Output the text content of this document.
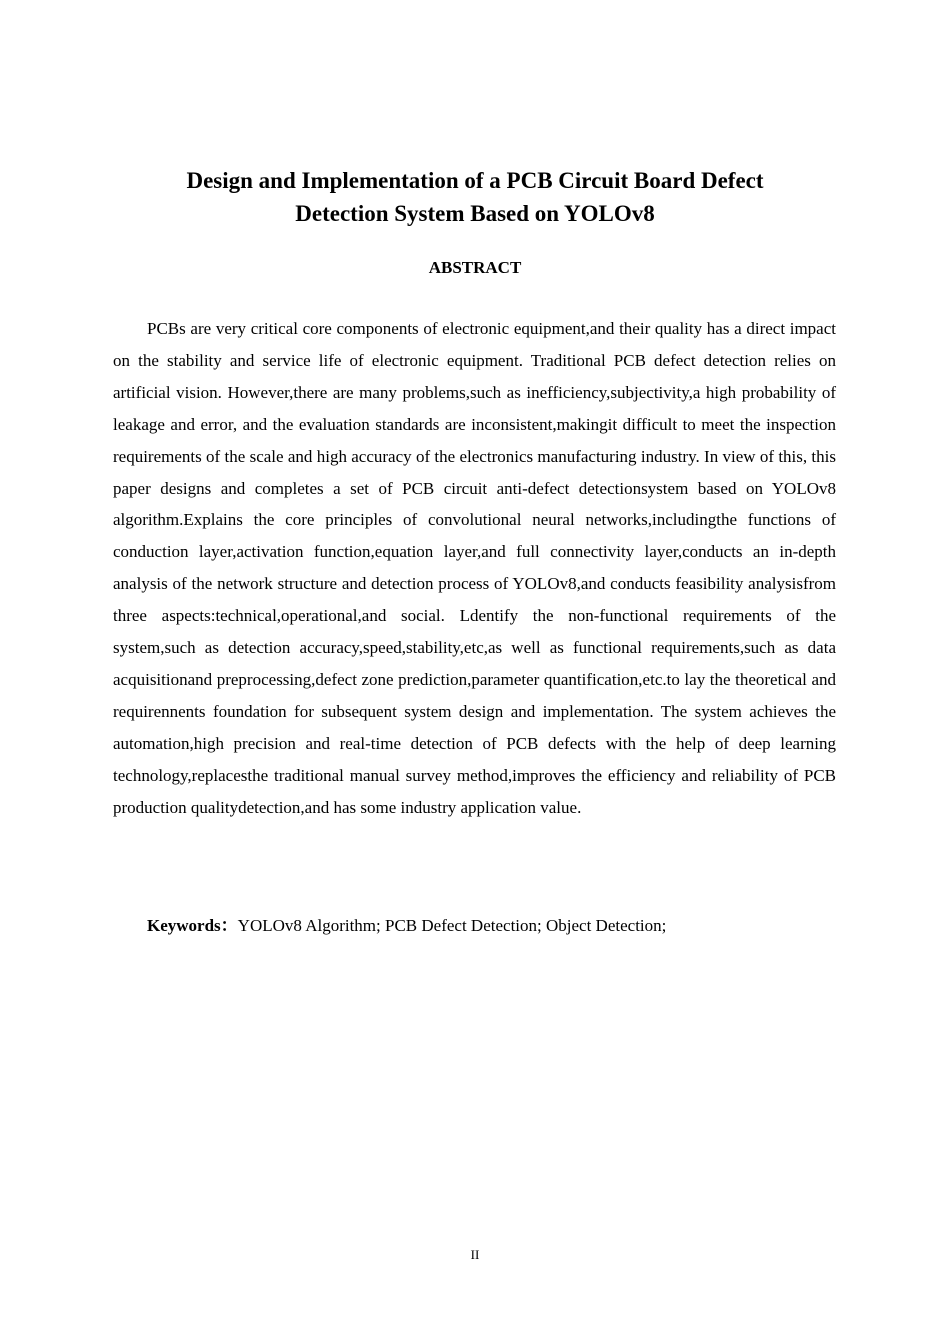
Design and Implementation of a PCB Circuit Board Defect
Detection System Based on YOLOv8
ABSTRACT

PCBs are very critical core components of electronic equipment,and their quality has a direct impact on the stability and service life of electronic equipment. Traditional PCB defect detection relies on artificial vision. However,there are many problems,such as inefficiency,subjectivity,a high probability of leakage and error, and the evaluation standards are inconsistent,makingit difficult to meet the inspection requirements of the scale and high accuracy of the electronics manufacturing industry. In view of this, this paper designs and completes a set of PCB circuit anti-defect detectionsystem based on YOLOv8 algorithm.Explains the core principles of convolutional neural networks,includingthe functions of conduction layer,activation function,equation layer,and full connectivity layer,conducts an in-depth analysis of the network structure and detection process of YOLOv8,and conducts feasibility analysisfrom three aspects:technical,operational,and social. Ldentify the non-functional requirements of the system,such as detection accuracy,speed,stability,etc,as well as functional requirements,such as data acquisitionand preprocessing,defect zone prediction,parameter quantification,etc.to lay the theoretical and requirennents foundation for subsequent system design and implementation. The system achieves the automation,high precision and real-time detection of PCB defects with the help of deep learning technology,replacesthe traditional manual survey method,improves the efficiency and reliability of PCB production qualitydetection,and has some industry application value.

Keywords：YOLOv8 Algorithm; PCB Defect Detection; Object Detection;

II
